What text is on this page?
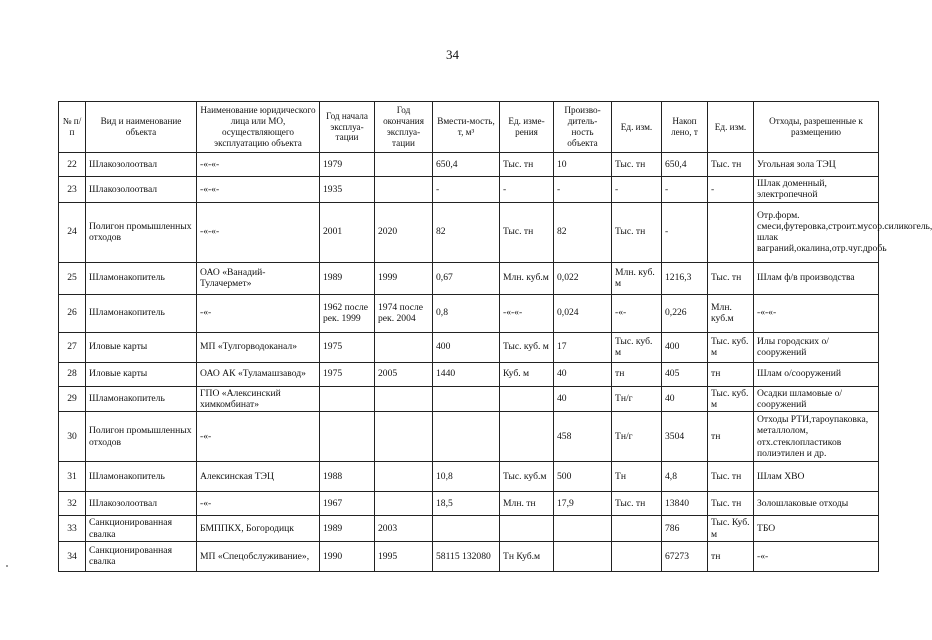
34
№ п/п	Вид и наименование объекта	Наименование юридического лица или МО, осуществляющего эксплуатацию объекта	Год начала эксплуа-тации	Год окончания эксплуа-тации	Вмести-мость, т, м³	Ед. изме-рения	Произво-дитель-ность объекта	Ед. изм.	Накоп лено, т	Ед. изм.	Отходы, разрешенные к размещению
22	Шлакозолоотвал	-«-«-	1979		650,4	Тыс. тн	10	Тыс. тн	650,4	Тыс. тн	Угольная зола ТЭЦ
23	Шлакозолоотвал	-«-«-	1935		-	-	-	-	-	-	Шлак доменный, электропечной
24	Полигон промышленных отходов	-«-«-	2001	2020	82	Тыс. тн	82	Тыс. тн	-		Отр.форм. смеси,футеровка,строит.мусор.силикогель, шлак ваграний,окалина,отр.чуг.дробь
25	Шламонакопитель	ОАО «Ванадий-Тулачермет»	1989	1999	0,67	Млн. куб.м	0,022	Млн. куб. м	1216,3	Тыс. тн	Шлам ф/в производства
26	Шламонакопитель	-«-	1962 после рек. 1999	1974 после рек. 2004	0,8	-«-«-	0,024	-«-	0,226	Млн. куб.м	-«-«-
27	Иловые карты	МП «Тулгорводоканал»	1975		400	Тыс. куб. м	17	Тыс. куб. м	400	Тыс. куб. м	Илы городских о/сооружений
28	Иловые карты	ОАО АК «Туламашзавод»	1975	2005	1440	Куб. м	40	тн	405	тн	Шлам о/сооружений
29	Шламонакопитель	ГПО «Алексинский химкомбинат»					40	Тн/г	40	Тыс. куб. м	Осадки шламовые о/сооружений
30	Полигон промышленных отходов	-«-					458	Тн/г	3504	тн	Отходы РТИ,тароупаковка, металлолом, отх.стеклопластиков полиэтилен и др.
31	Шламонакопитель	Алексинская ТЭЦ	1988		10,8	Тыс. куб.м	500	Тн	4,8	Тыс. тн	Шлам ХВО
32	Шлакозолоотвал	-«-	1967		18,5	Млн. тн	17,9	Тыс. тн	13840	Тыс. тн	Золошлаковые отходы
33	Санкционированная свалка	БМППКХ, Богородицк	1989	2003					786	Тыс. Куб. м	ТБО
34	Санкционированная свалка	МП «Спецобслуживание»,	1990	1995	58115 132080	Тн Куб.м			67273	тн	-«-
